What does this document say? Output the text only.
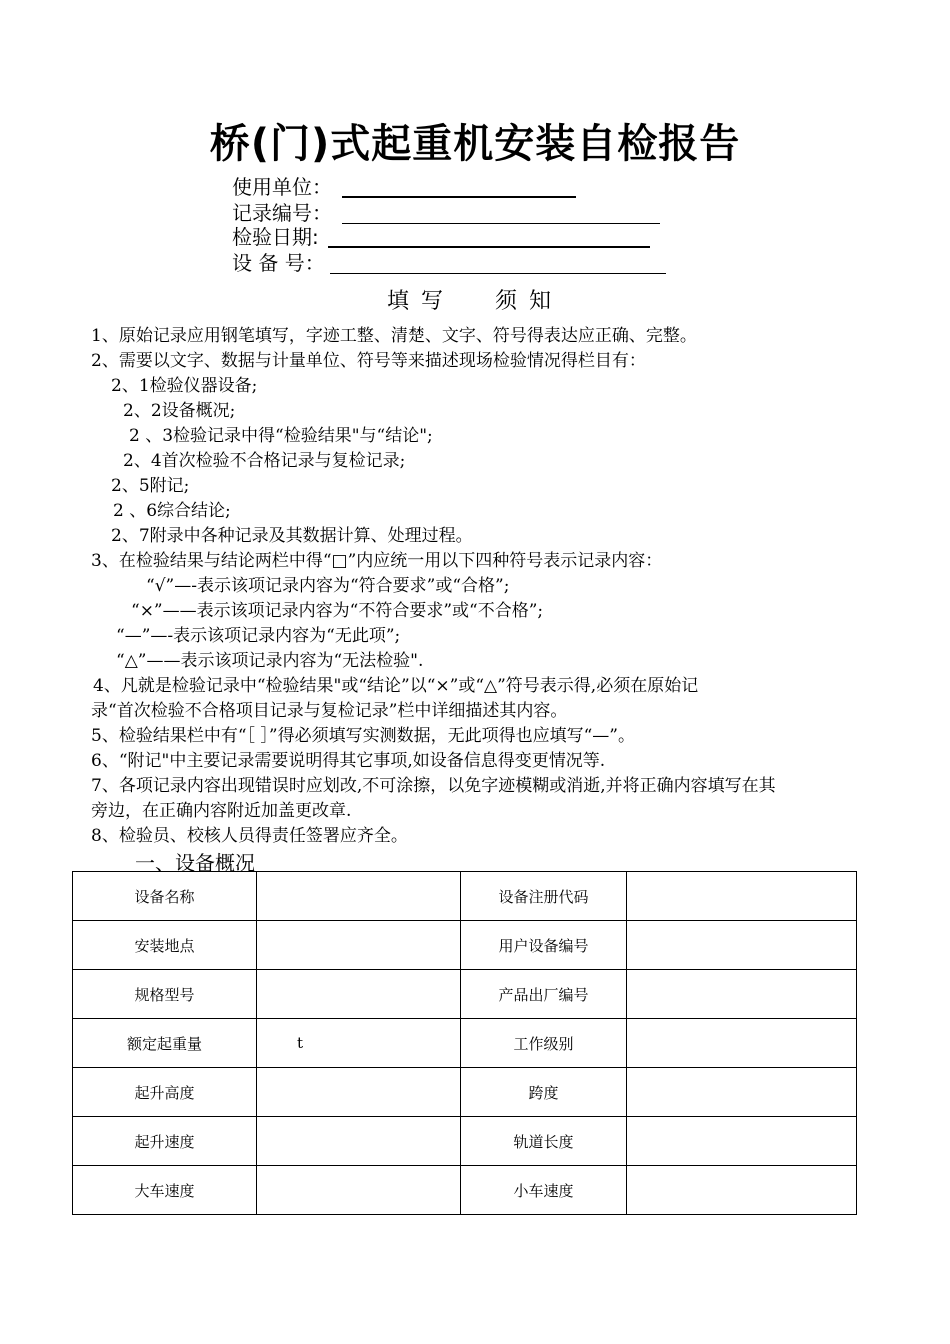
桥(门)式起重机安装自检报告
使用单位：
记录编号：
检验日期:
设 备 号：
填写 须知
1、原始记录应用钢笔填写，字迹工整、清楚、文字、符号得表达应正确、完整。
2、需要以文字、数据与计量单位、符号等来描述现场检验情况得栏目有：
2、1检验仪器设备;
2、2设备概况;
2 、3检验记录中得“检验结果"与“结论";
2、4首次检验不合格记录与复检记录;
2、5附记;
2 、6综合结论;
2、7附录中各种记录及其数据计算、处理过程。
3、在检验结果与结论两栏中得“□”内应统一用以下四种符号表示记录内容：
“√”—-表示该项记录内容为“符合要求”或“合格”;
“×”——表示该项记录内容为“不符合要求”或“不合格”;
“—”—-表示该项记录内容为“无此项”;
“△”——表示该项记录内容为“无法检验".
4、凡就是检验记录中“检验结果"或“结论”以“×”或“△”符号表示得,必须在原始记
录“首次检验不合格项目记录与复检记录”栏中详细描述其内容。
5、检验结果栏中有“［ ］”得必须填写实测数据，无此项得也应填写“—”。
6、“附记"中主要记录需要说明得其它事项,如设备信息得变更情况等.
7、各项记录内容出现错误时应划改,不可涂擦，以免字迹模糊或消逝,并将正确内容填写在其
旁边，在正确内容附近加盖更改章.
8、检验员、校核人员得责任签署应齐全。
一、设备概况
设备名称		设备注册代码	
安装地点		用户设备编号	
规格型号		产品出厂编号	
额定起重量	t	工作级别	
起升高度		跨度	
起升速度		轨道长度	
大车速度		小车速度	
